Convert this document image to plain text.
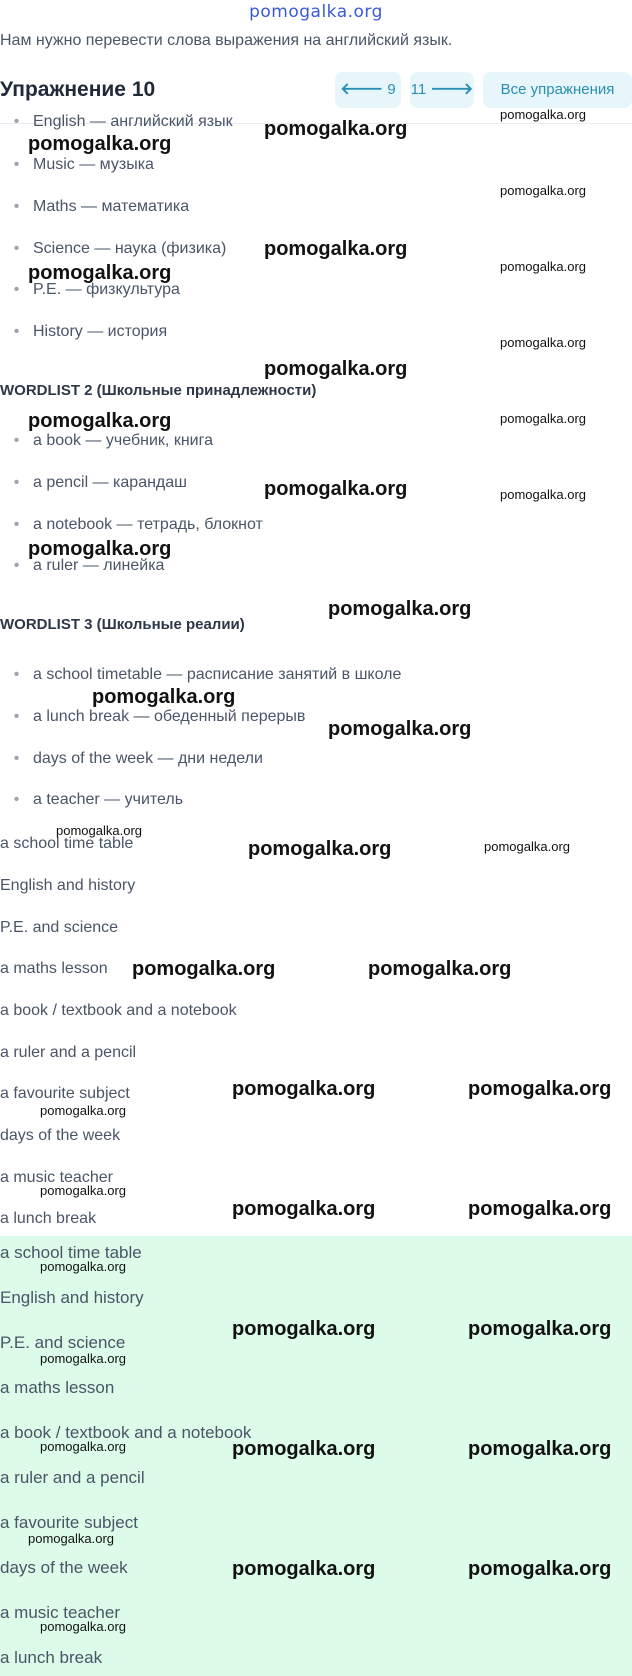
pomogalka.org
Нам нужно перевести слова выражения на английский язык.
Упражнение 10	🡐 9 11 🡒	Все упражнения
• English — английский язык
• Music — музыка
• Maths — математика
• Science — наука (физика)
• P.E. — физкультура
• History — история
WORDLIST 2 (Школьные принадлежности)
• a book — учебник, книга
• a pencil — карандаш
• a notebook — тетрадь, блокнот
• a ruler — линейка
WORDLIST 3 (Школьные реалии)
• a school timetable — расписание занятий в школе
• a lunch break — обеденный перерыв
• days of the week — дни недели
• a teacher — учитель
a school time table
English and history
P.E. and science
a maths lesson
a book / textbook and a notebook
a ruler and a pencil
a favourite subject
days of the week
a music teacher
a lunch break
a school time table
English and history
P.E. and science
a maths lesson
a book / textbook and a notebook
a ruler and a pencil
a favourite subject
days of the week
a music teacher
a lunch break
pomogalka.org
pomogalka.org
pomogalka.org
pomogalka.org
pomogalka.org
pomogalka.org
pomogalka.org
pomogalka.org
pomogalka.org
pomogalka.org
pomogalka.org
pomogalka.org
pomogalka.org	pomogalka.org
pomogalka.org	pomogalka.org
pomogalka.org	pomogalka.org
pomogalka.org	pomogalka.org
pomogalka.org	pomogalka.org
pomogalka.org	pomogalka.org
pomogalka.org
pomogalka.org
pomogalka.org
pomogalka.org
pomogalka.org
pomogalka.org
pomogalka.org
pomogalka.org
pomogalka.org
pomogalka.org
pomogalka.org
pomogalka.org
pomogalka.org
pomogalka.org
pomogalka.org
